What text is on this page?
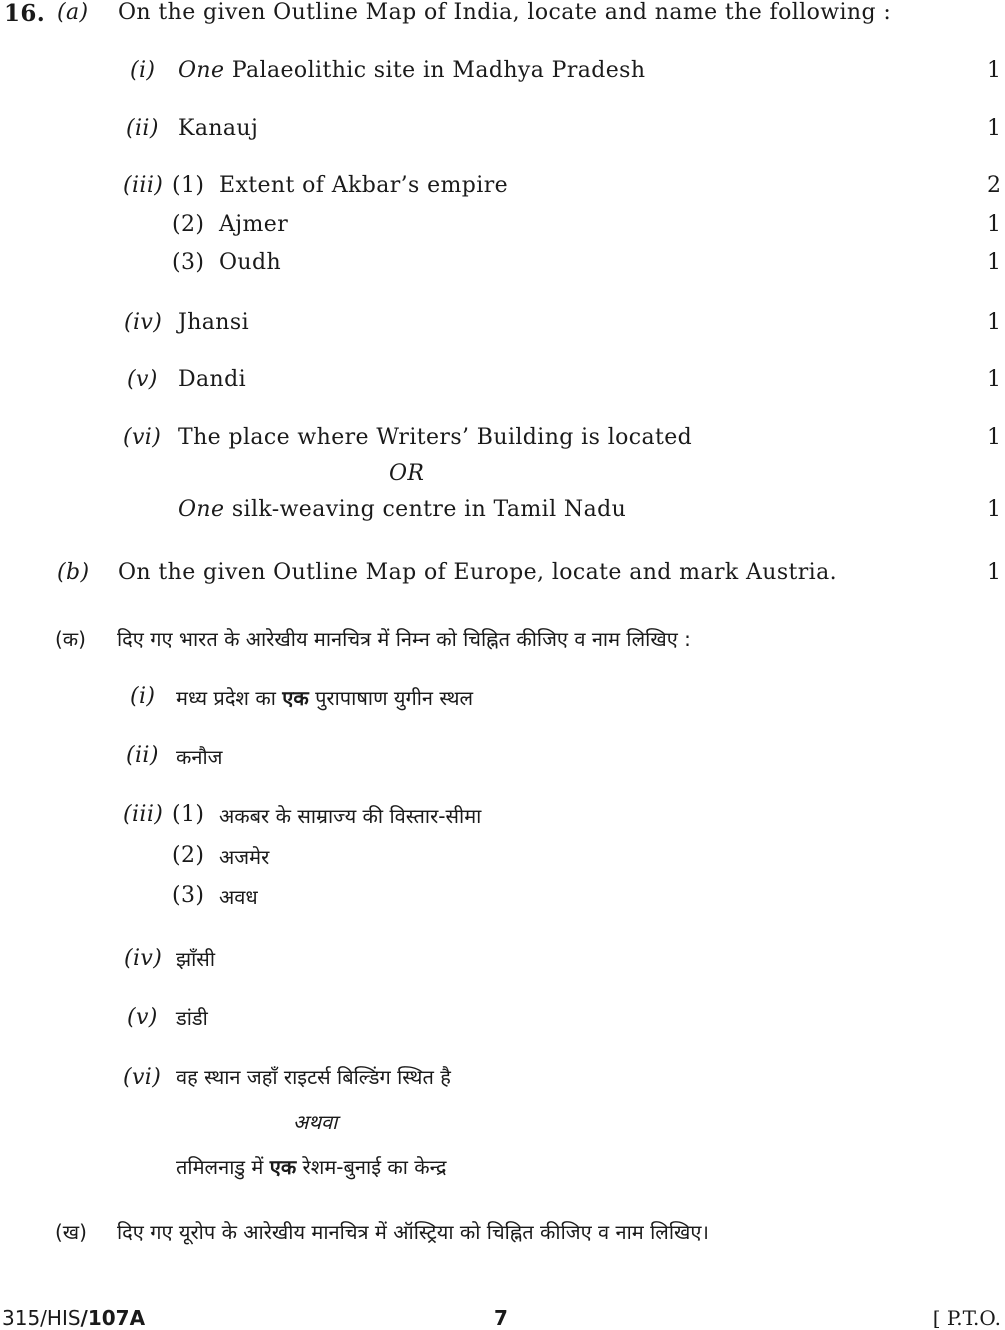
16. (a) On the given Outline Map of India, locate and name the following :
(i) One Palaeolithic site in Madhya Pradesh	1
(ii) Kanauj	1
(iii) (1) Extent of Akbar’s empire	2
(2) Ajmer	1
(3) Oudh	1
(iv) Jhansi	1
(v) Dandi	1
(vi) The place where Writers’ Building is located	1
OR
One silk-weaving centre in Tamil Nadu	1
(b) On the given Outline Map of Europe, locate and mark Austria.	1
(क) दिए गए भारत के आरेखीय मानचित्र में निम्न को चिह्नित कीजिए व नाम लिखिए :
(i) मध्य प्रदेश का एक पुरापाषाण युगीन स्थल
(ii) कनौज
(iii) (1) अकबर के साम्राज्य की विस्तार-सीमा
(2) अजमेर
(3) अवध
(iv) झाँसी
(v) डांडी
(vi) वह स्थान जहाँ राइटर्स बिल्डिंग स्थित है
अथवा
तमिलनाडु में एक रेशम-बुनाई का केन्द्र
(ख) दिए गए यूरोप के आरेखीय मानचित्र में ऑस्ट्रिया को चिह्नित कीजिए व नाम लिखिए।
315/HIS/107A	7	[ P.T.O.
